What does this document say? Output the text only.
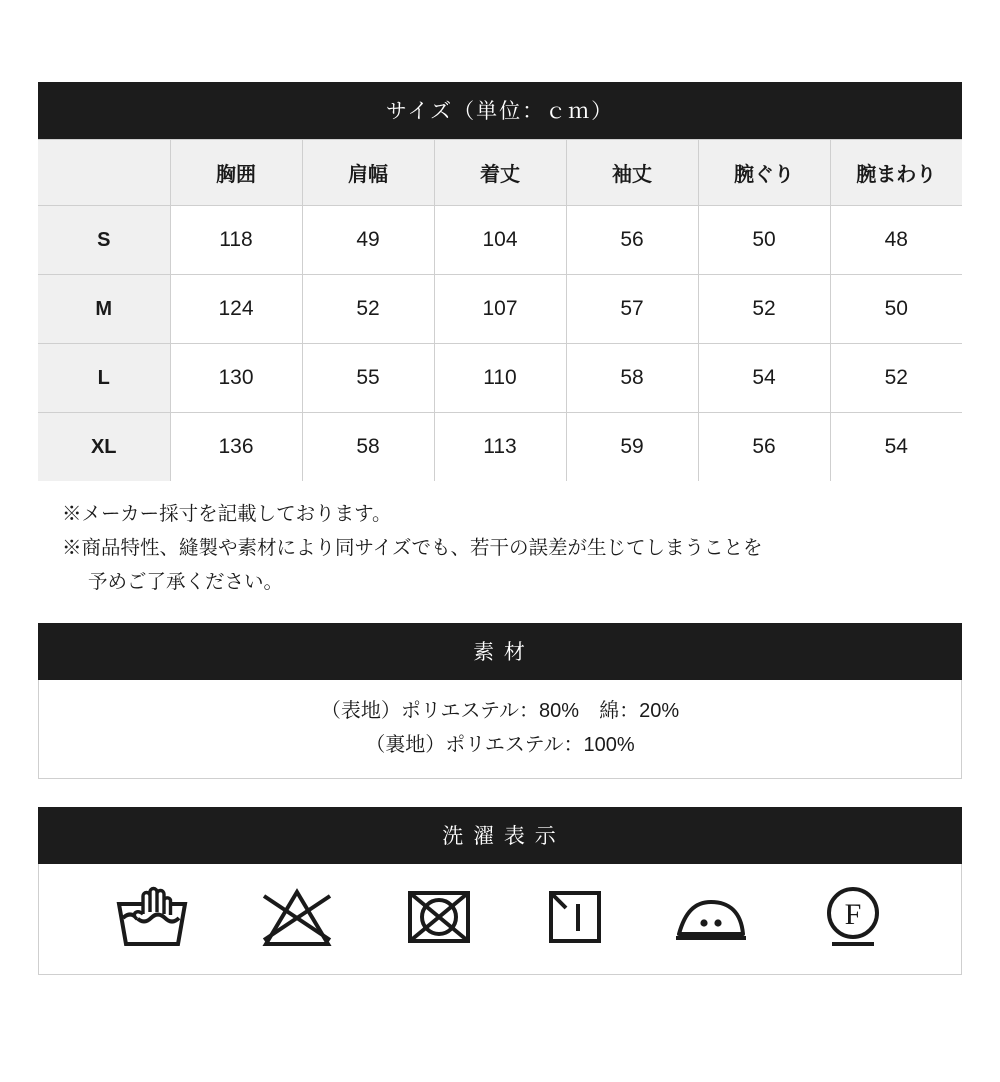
サイズ（単位：ｃｍ）
	胸囲	肩幅	着丈	袖丈	腕ぐり	腕まわり
S	118	49	104	56	50	48
M	124	52	107	57	52	50
L	130	55	110	58	54	52
XL	136	58	113	59	56	54
※メーカー採寸を記載しております。
※商品特性、縫製や素材により同サイズでも、若干の誤差が生じてしまうことを
予めご了承ください。
素 材
（表地）ポリエステル：80%　綿：20%
（裏地）ポリエステル：100%
洗 濯 表 示
F
